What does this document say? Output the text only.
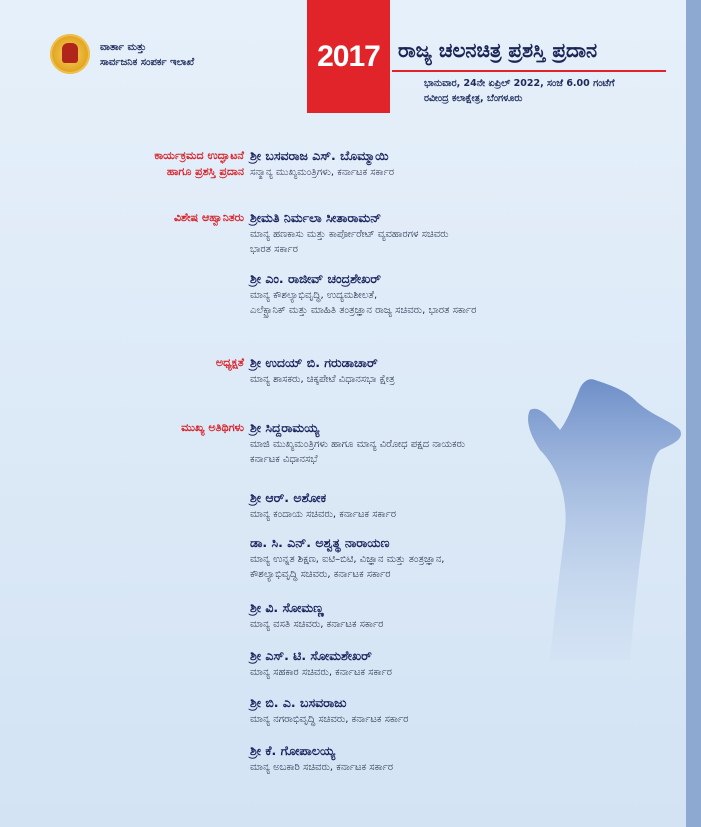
ವಾರ್ತಾ ಮತ್ತು
ಸಾರ್ವಜನಿಕ ಸಂಪರ್ಕ ಇಲಾಖೆ	2017 ರಾಜ್ಯ ಚಲನಚಿತ್ರ ಪ್ರಶಸ್ತಿ ಪ್ರದಾನ
ಭಾನುವಾರ, 24ನೇ ಏಪ್ರಿಲ್ 2022, ಸಂಜೆ 6.00 ಗಂಟೆಗೆ
ರವೀಂದ್ರ ಕಲಾಕ್ಷೇತ್ರ, ಬೆಂಗಳೂರು
ಕಾರ್ಯಕ್ರಮದ ಉದ್ಘಾಟನೆ
ಹಾಗೂ ಪ್ರಶಸ್ತಿ ಪ್ರದಾನ
ವಿಶೇಷ ಆಹ್ವಾನಿತರು
ಅಧ್ಯಕ್ಷತೆ
ಮುಖ್ಯ ಅತಿಥಿಗಳು
ಶ್ರೀ ಬಸವರಾಜ ಎಸ್. ಬೊಮ್ಮಾಯಿ
ಸನ್ಮಾನ್ಯ ಮುಖ್ಯಮಂತ್ರಿಗಳು, ಕರ್ನಾಟಕ ಸರ್ಕಾರ
ಶ್ರೀಮತಿ ನಿರ್ಮಲಾ ಸೀತಾರಾಮನ್
ಮಾನ್ಯ ಹಣಕಾಸು ಮತ್ತು ಕಾರ್ಪೋರೇಟ್ ವ್ಯವಹಾರಗಳ ಸಚಿವರು
ಭಾರತ ಸರ್ಕಾರ
ಶ್ರೀ ಎಂ. ರಾಜೀವ್ ಚಂದ್ರಶೇಖರ್
ಮಾನ್ಯ ಕೌಶಲ್ಯಾಭಿವೃದ್ಧಿ, ಉದ್ಯಮಶೀಲತೆ,
ಎಲೆಕ್ಟ್ರಾನಿಕ್ ಮತ್ತು ಮಾಹಿತಿ ತಂತ್ರಜ್ಞಾನ ರಾಜ್ಯ ಸಚಿವರು, ಭಾರತ ಸರ್ಕಾರ
ಶ್ರೀ ಉದಯ್ ಬಿ. ಗರುಡಾಚಾರ್
ಮಾನ್ಯ ಶಾಸಕರು, ಚಿಕ್ಕಪೇಟೆ ವಿಧಾನಸಭಾ ಕ್ಷೇತ್ರ
ಶ್ರೀ ಸಿದ್ದರಾಮಯ್ಯ
ಮಾಜಿ ಮುಖ್ಯಮಂತ್ರಿಗಳು ಹಾಗೂ ಮಾನ್ಯ ವಿರೋಧ ಪಕ್ಷದ ನಾಯಕರು
ಕರ್ನಾಟಕ ವಿಧಾನಸಭೆ
ಶ್ರೀ ಆರ್. ಅಶೋಕ
ಮಾನ್ಯ ಕಂದಾಯ ಸಚಿವರು, ಕರ್ನಾಟಕ ಸರ್ಕಾರ
ಡಾ. ಸಿ. ಎನ್. ಅಶ್ವತ್ಥ ನಾರಾಯಣ
ಮಾನ್ಯ ಉನ್ನತ ಶಿಕ್ಷಣ, ಐಟಿ–ಬಿಟಿ, ವಿಜ್ಞಾನ ಮತ್ತು ತಂತ್ರಜ್ಞಾನ,
ಕೌಶಲ್ಯಾಭಿವೃದ್ಧಿ ಸಚಿವರು, ಕರ್ನಾಟಕ ಸರ್ಕಾರ
ಶ್ರೀ ವಿ. ಸೋಮಣ್ಣ
ಮಾನ್ಯ ವಸತಿ ಸಚಿವರು, ಕರ್ನಾಟಕ ಸರ್ಕಾರ
ಶ್ರೀ ಎಸ್. ಟಿ. ಸೋಮಶೇಖರ್
ಮಾನ್ಯ ಸಹಕಾರ ಸಚಿವರು, ಕರ್ನಾಟಕ ಸರ್ಕಾರ
ಶ್ರೀ ಬಿ. ಎ. ಬಸವರಾಜು
ಮಾನ್ಯ ನಗರಾಭಿವೃದ್ಧಿ ಸಚಿವರು, ಕರ್ನಾಟಕ ಸರ್ಕಾರ
ಶ್ರೀ ಕೆ. ಗೋಪಾಲಯ್ಯ
ಮಾನ್ಯ ಅಬಕಾರಿ ಸಚಿವರು, ಕರ್ನಾಟಕ ಸರ್ಕಾರ
